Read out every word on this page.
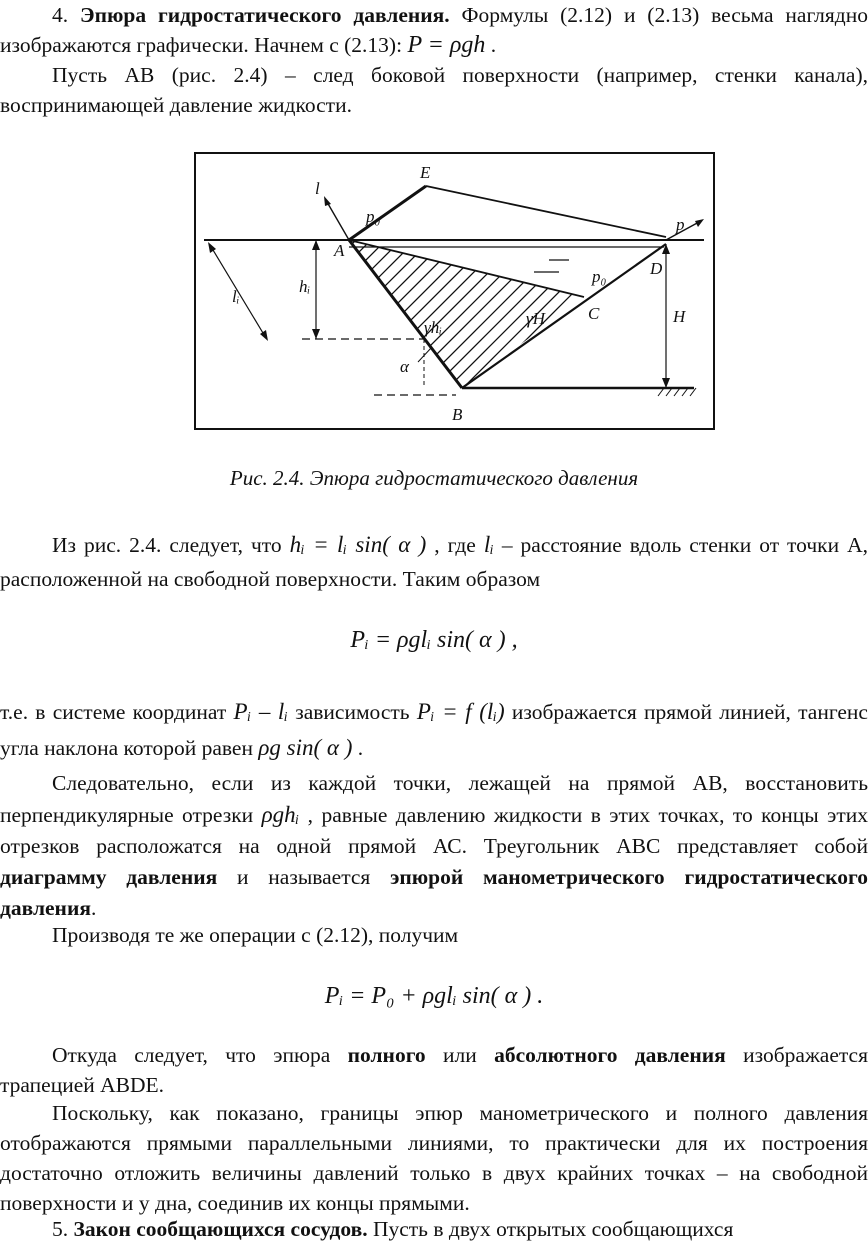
4. Эпюра гидростатического давления. Формулы (2.12) и (2.13) весьма наглядно изображаются графически. Начнем с (2.13): P = ρgh .

Пусть АВ (рис. 2.4) – след боковой поверхности (например, стенки канала), воспринимающей давление жидкости.

l
E
p₀
A
p
D
lᵢ
hᵢ
p₀
γhᵢ	γH	C	H
α
B

Рис. 2.4. Эпюра гидростатического давления

Из рис. 2.4. следует, что hᵢ = lᵢ sin( α ) , где lᵢ – расстояние вдоль стенки от точки А, расположенной на свободной поверхности. Таким образом

Pᵢ = ρglᵢ sin( α ) ,

т.е. в системе координат Pᵢ – lᵢ зависимость Pᵢ = f (lᵢ) изображается прямой линией, тангенс угла наклона которой равен ρg sin( α ) .

Следовательно, если из каждой точки, лежащей на прямой АВ, восстановить перпендикулярные отрезки ρghᵢ , равные давлению жидкости в этих точках, то концы этих отрезков расположатся на одной прямой АС. Треугольник АВС представляет собой диаграмму давления и называется эпюрой манометрического гидростатического давления.

Производя те же операции с (2.12), получим

Pᵢ = P₀ + ρglᵢ sin( α ) .

Откуда следует, что эпюра полного или абсолютного давления изображается трапецией ABDE.

Поскольку, как показано, границы эпюр манометрического и полного давления отображаются прямыми параллельными линиями, то практически для их построения достаточно отложить величины давлений только в двух крайних точках – на свободной поверхности и у дна, соединив их концы прямыми.

5. Закон сообщающихся сосудов. Пусть в двух открытых сообщающихся
